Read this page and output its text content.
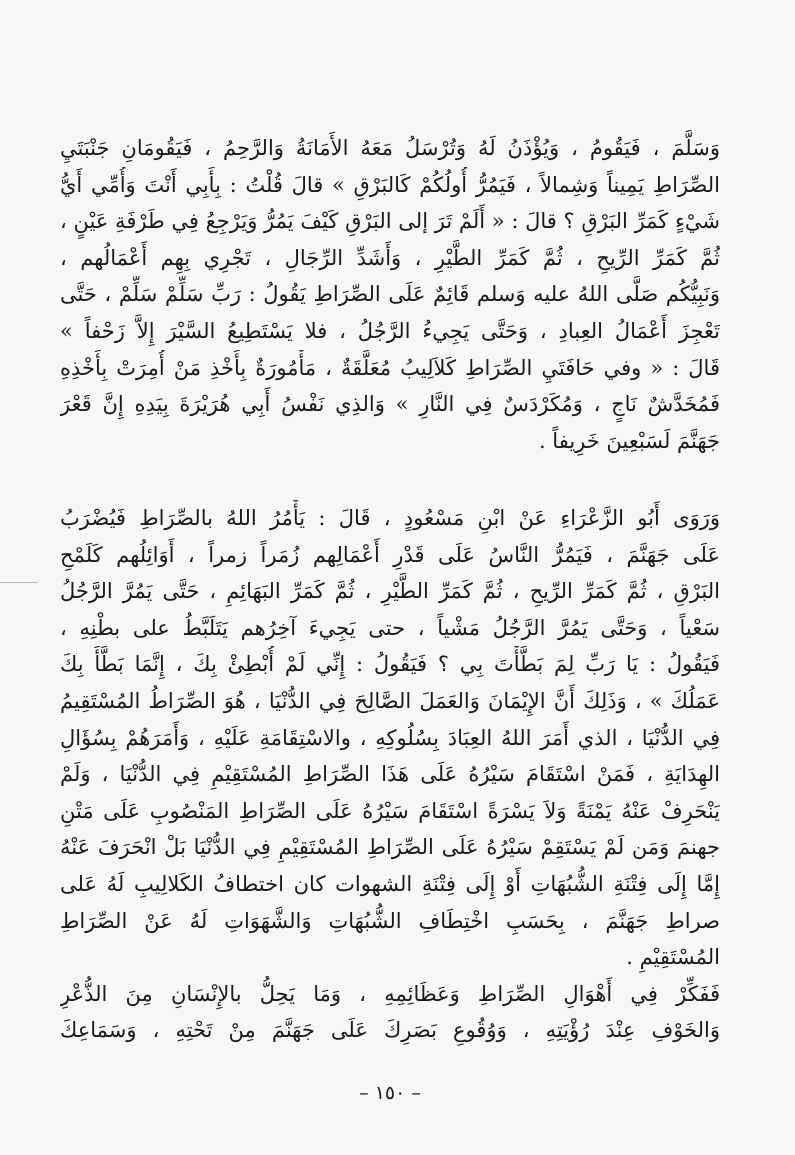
وَسَلَّمَ ، فَيَقُومُ ، وَيُؤْذَنُ لَهُ وَتُرْسَلُ مَعَهُ الأَمَانَةُ وَالرَّحِمُ ، فَيَقُومَانِ جَنْبَتَيِ
الصِّرَاطِ يَمِيناً وَشِمالاً ، فَيَمُرُّ أُولُكُمْ كَالبَرْقِ » قالَ قُلْتُ : بِأَبِي أَنْتَ وَأُمِّي أَيُّ
شَيْءٍ كَمَرِّ البَرْقِ ؟ قالَ : « أَلَمْ تَرَ إلى البَرْقِ كَيْفَ يَمُرُّ وَيَرْجِعُ فِي طَرْفَةِ عَيْنٍ ،
ثُمَّ كَمَرِّ الرِّيحِ ، ثُمَّ كَمَرِّ الطَّيْرِ ، وَأَشَدِّ الرِّجَالِ ، تَجْرِي بِهِم أَعْمَالُهم ،
وَنَبِيُّكُم صَلَّى اللهُ عليه وَسلم قَائِمٌ عَلَى الصِّرَاطِ يَقُولُ : رَبِّ سَلِّمْ سَلِّمْ ، حَتَّى
تَعْجِزَ أَعْمَالُ العِبادِ ، وَحَتَّى يَجِيءُ الرَّجُلُ ، فلا يَسْتَطِيعُ السَّيْرَ إِلاَّ زَحْفاً »
قَالَ : « وفي حَافَتَيِ الصِّرَاطِ كَلاَلِيبُ مُعَلَّقَةٌ ، مَأْمُورَةٌ بِأَخْذِ مَنْ أُمِرَتْ بِأَخْذِهِ
فَمُخَدَّشٌ نَاجٍ ، وَمُكَرْدَسٌ فِي النَّارِ » وَالذِي نَفْسُ أَبِي هُرَيْرَةَ بِيَدِهِ إِنَّ قَعْرَ
جَهَنَّمَ لَسَبْعِينَ خَرِيفاً .
وَرَوَى أَبُو الزَّعْرَاءِ عَنْ ابْنِ مَسْعُودٍ ، قَالَ : يَأْمُرُ اللهُ بالصِّرَاطِ فَيُضْرَبُ
عَلَى جَهَنَّمَ ، فَيَمُرُّ النَّاسُ عَلَى قَدْرِ أَعْمَالِهم زُمَراً زمراً ، أَوَائِلُهم كَلَمْحِ
البَرْقِ ، ثُمَّ كَمَرِّ الرِّيحِ ، ثُمَّ كَمَرِّ الطَّيْرِ ، ثُمَّ كَمَرِّ البَهَائِمِ ، حَتَّى يَمُرَّ الرَّجُلُ
سَعْياً ، وَحَتَّى يَمُرَّ الرَّجُلُ مَشْياً ، حتى يَجِيءَ آخِرُهم يَتَلَبَّطُ على بطْنِهِ ،
فَيَقُولُ : يَا رَبِّ لِمَ بَطَّأْتَ بِي ؟ فَيَقُولُ : إِنِّي لَمْ أُبْطِئْ بِكَ ، إِنَّمَا بَطَّأَ بِكَ
عَمَلُكَ » ، وَذَلِكَ أَنَّ الإِيْمَانَ وَالعَمَلَ الصَّالِحَ فِي الدُّنْيَا ، هُوَ الصِّرَاطُ المُسْتَقِيمُ
فِي الدُّنْيَا ، الذي أَمَرَ اللهُ العِبَادَ بِسُلُوكِهِ ، والاسْتِقَامَةِ عَلَيْهِ ، وَأَمَرَهُمْ بِسُؤَالِ
الهِدَايَةِ ، فَمَنْ اسْتَقَامَ سَيْرُهُ عَلَى هَذَا الصِّرَاطِ المُسْتَقِيْمِ فِي الدُّنْيَا ، وَلَمْ
يَنْحَرِفْ عَنْهُ يَمْنَةً وَلاَ يَسْرَةً اسْتَقَامَ سَيْرُهُ عَلَى الصِّرَاطِ المَنْصُوبِ عَلَى مَتْنِ
جهنمَ وَمَن لَمْ يَسْتَقِمْ سَيْرُهُ عَلَى الصِّرَاطِ المُسْتَقِيْمِ فِي الدُّنْيَا بَلْ انْحَرَفَ عَنْهُ
إِمَّا إِلَى فِتْنَةِ الشُّبُهَاتِ أَوْ إِلَى فِتْنَةِ الشهوات كان اختطافُ الكَلالِيبِ لَهُ عَلى
صراطِ جَهَنَّمَ ، بِحَسَبِ اخْتِطَافِ الشُّبُهَاتِ وَالشَّهَوَاتِ لَهُ عَنْ الصِّرَاطِ
المُسْتَقِيْمِ .
فَفَكِّرْ فِي أَهْوَالِ الصِّرَاطِ وَعَظَائِمِهِ ، وَمَا يَحِلُّ بالإِنْسَانِ مِنَ الذُّعْرِ
وَالخَوْفِ عِنْدَ رُؤْيَتِهِ ، وَوُقُوعِ بَصَرِكَ عَلَى جَهَنَّمَ مِنْ تَحْتِهِ ، وَسَمَاعِكَ
– ١٥٠ –
